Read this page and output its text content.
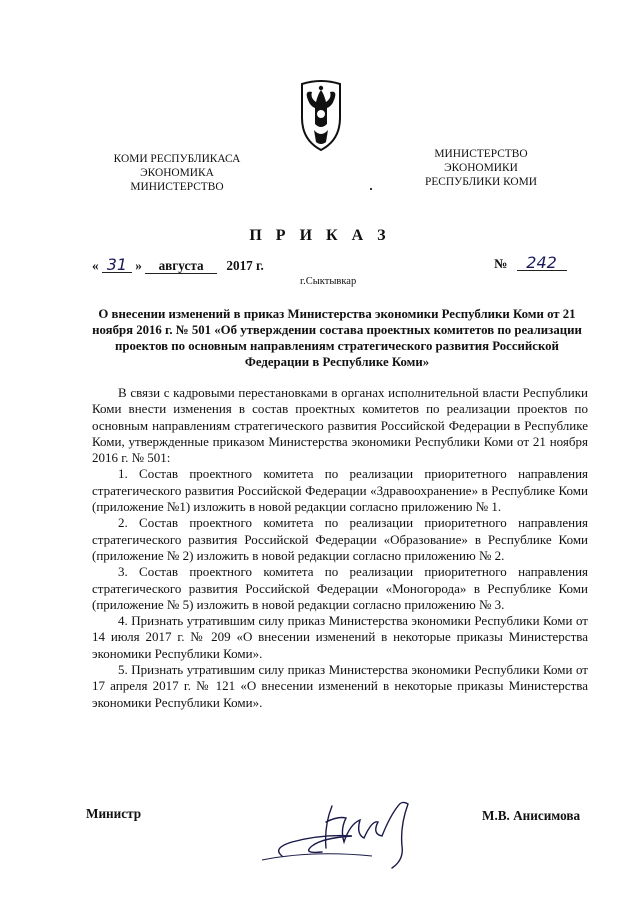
КОМИ РЕСПУБЛИКАСА
ЭКОНОМИКА
МИНИСТЕРСТВО
МИНИСТЕРСТВО
ЭКОНОМИКИ
РЕСПУБЛИКИ КОМИ
П Р И К А З
« 31 » августа 2017 г.	№ 242
г.Сыктывкар
О внесении изменений в приказ Министерства экономики Республики Коми от 21 ноября 2016 г. № 501 «Об утверждении состава проектных комитетов по реализации проектов по основным направлениям стратегического развития Российской Федерации в Республике Коми»

В связи с кадровыми перестановками в органах исполнительной власти Республики Коми внести изменения в состав проектных комитетов по реализации проектов по основным направлениям стратегического развития Российской Федерации в Республике Коми, утвержденные приказом Министерства экономики Республики Коми от 21 ноября 2016 г. № 501:

1. Состав проектного комитета по реализации приоритетного направления стратегического развития Российской Федерации «Здравоохранение» в Республике Коми (приложение №1) изложить в новой редакции согласно приложению № 1.

2. Состав проектного комитета по реализации приоритетного направления стратегического развития Российской Федерации «Образование» в Республике Коми (приложение № 2) изложить в новой редакции согласно приложению № 2.

3. Состав проектного комитета по реализации приоритетного направления стратегического развития Российской Федерации «Моногорода» в Республике Коми (приложение № 5) изложить в новой редакции согласно приложению № 3.

4. Признать утратившим силу приказ Министерства экономики Республики Коми от 14 июля 2017 г. № 209 «О внесении изменений в некоторые приказы Министерства экономики Республики Коми».

5. Признать утратившим силу приказ Министерства экономики Республики Коми от 17 апреля 2017 г. № 121 «О внесении изменений в некоторые приказы Министерства экономики Республики Коми».

Министр	М.В. Анисимова
